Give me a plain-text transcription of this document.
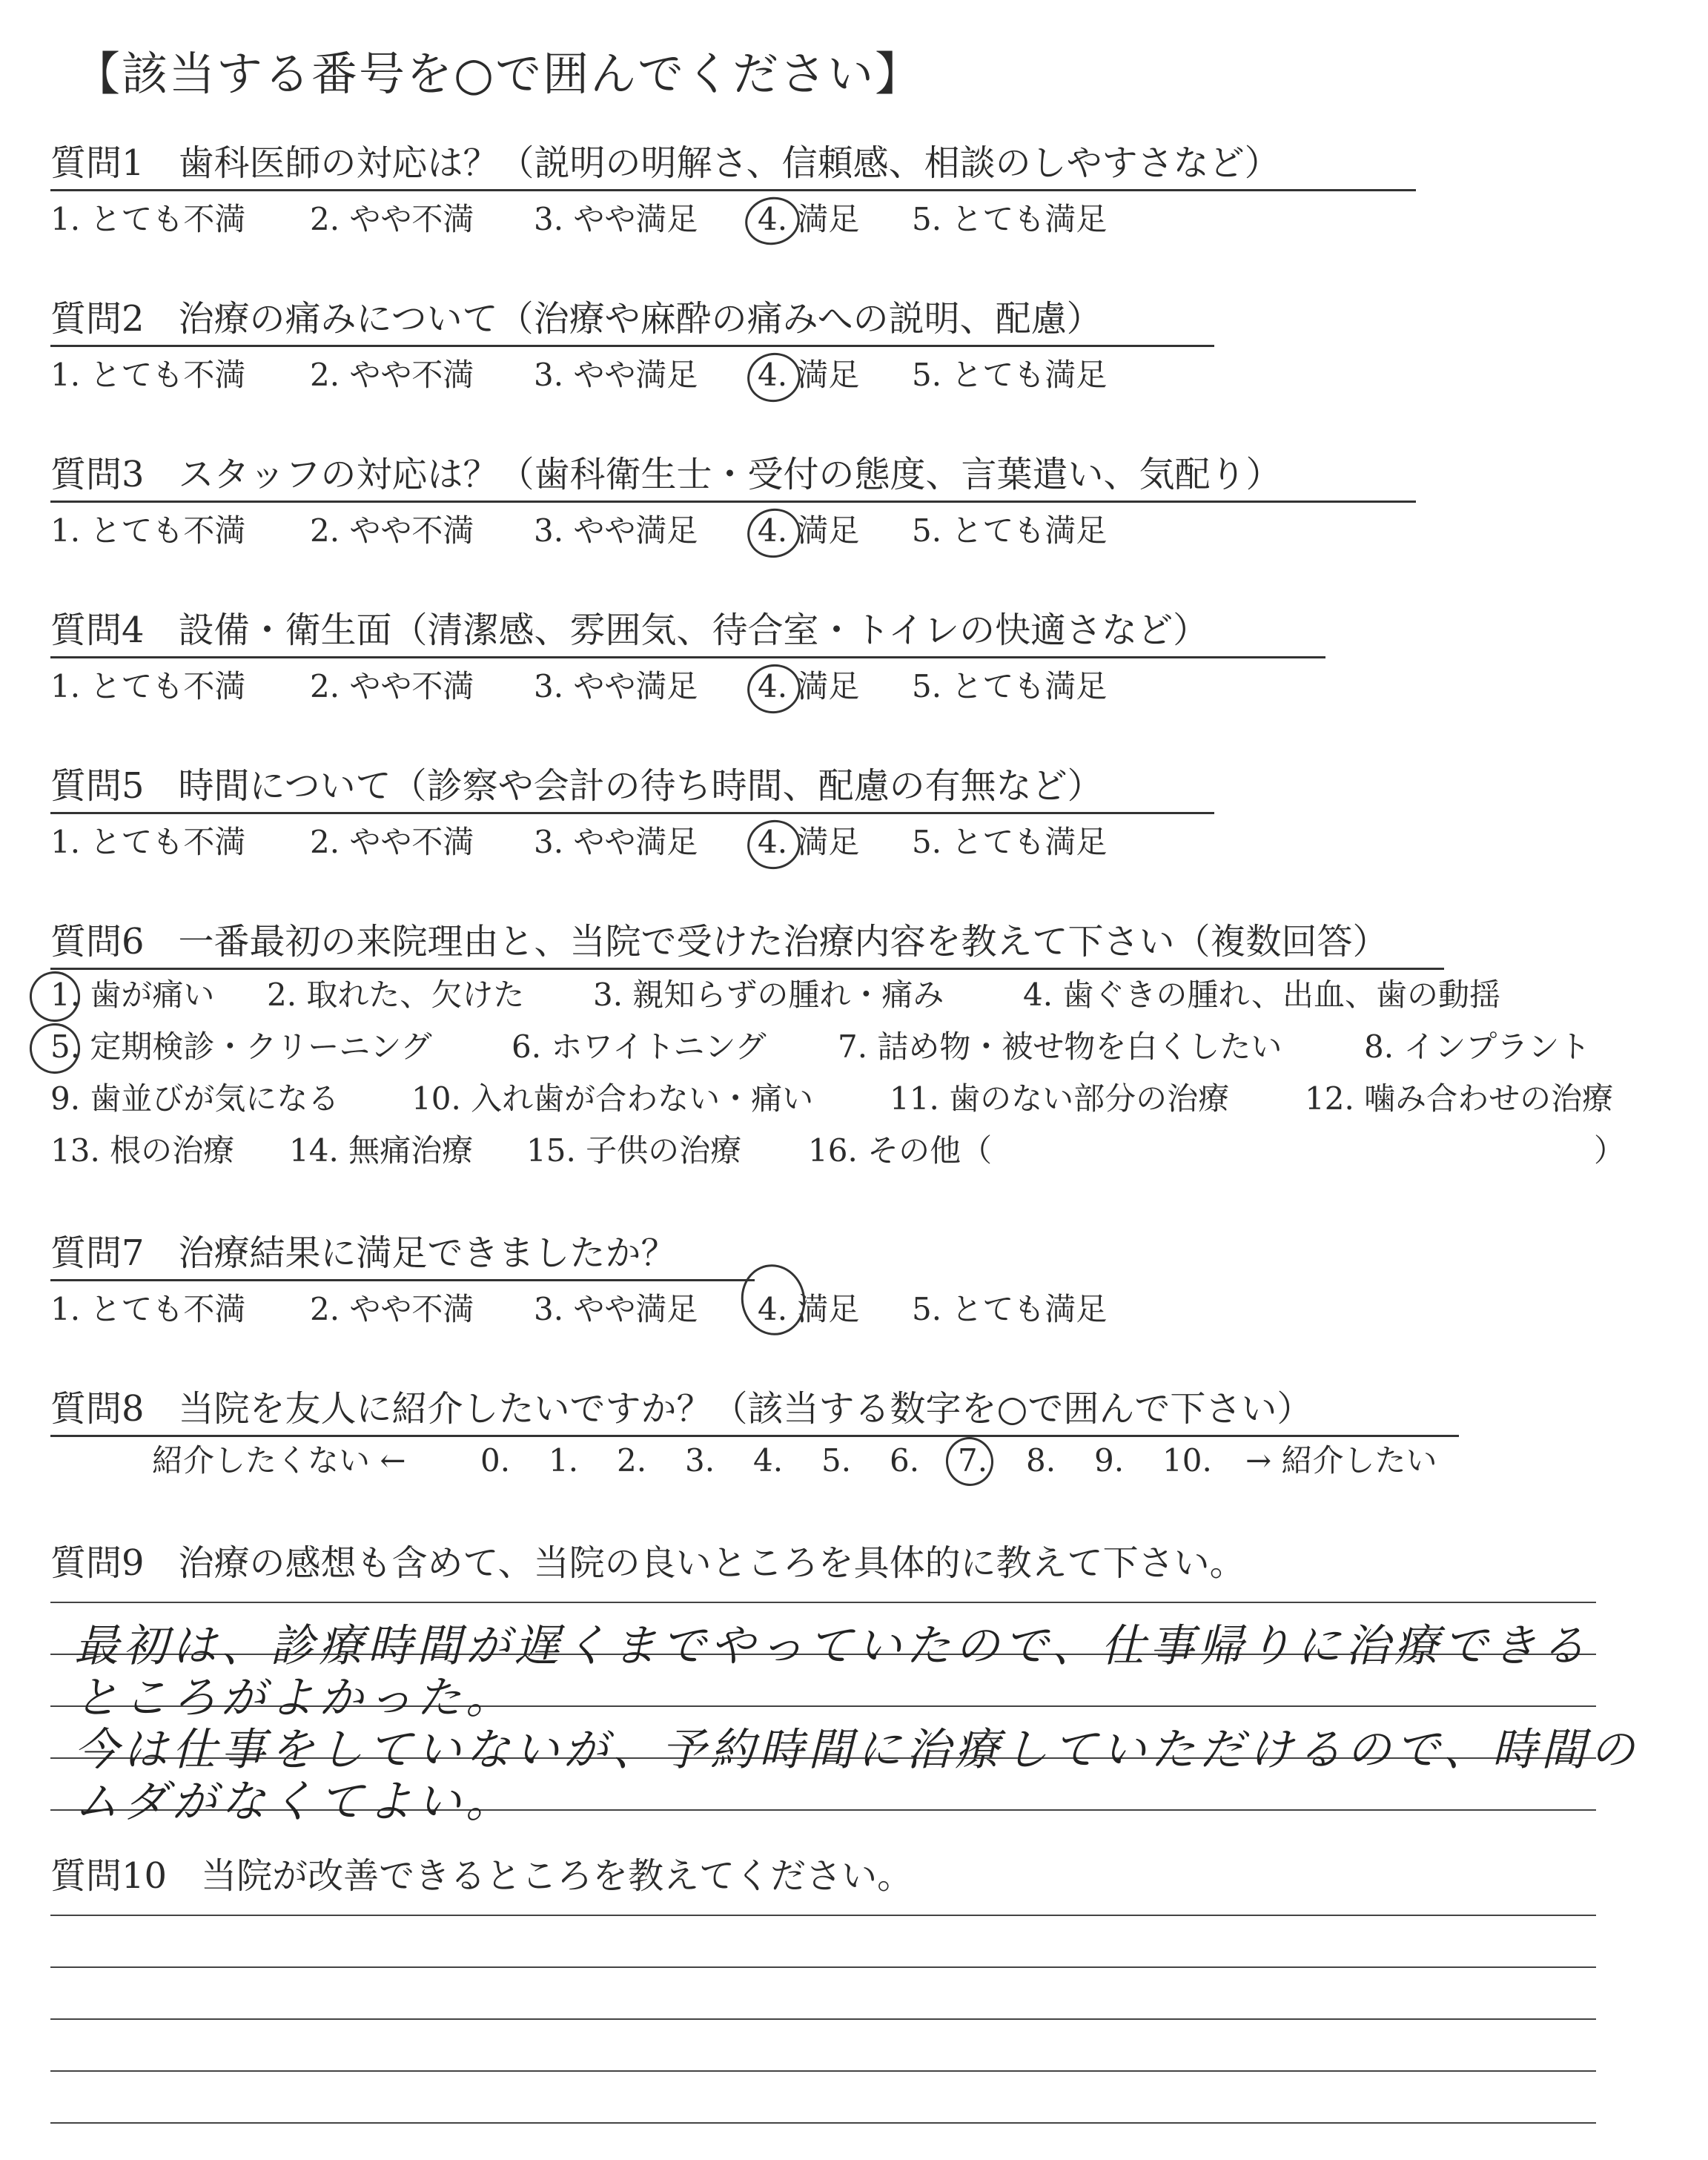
【該当する番号を○で囲んでください】
質問1 歯科医師の対応は？（説明の明解さ、信頼感、相談のしやすさなど）
1. とても不満 2. やや不満 3. やや満足 4. 満足 5. とても満足
質問2 治療の痛みについて（治療や麻酔の痛みへの説明、配慮）
1. とても不満 2. やや不満 3. やや満足 4. 満足 5. とても満足
質問3 スタッフの対応は？（歯科衛生士・受付の態度、言葉遣い、気配り）
1. とても不満 2. やや不満 3. やや満足 4. 満足 5. とても満足
質問4 設備・衛生面（清潔感、雰囲気、待合室・トイレの快適さなど）
1. とても不満 2. やや不満 3. やや満足 4. 満足 5. とても満足
質問5 時間について（診察や会計の待ち時間、配慮の有無など）
1. とても不満 2. やや不満 3. やや満足 4. 満足 5. とても満足
質問6 一番最初の来院理由と、当院で受けた治療内容を教えて下さい（複数回答）
1. 歯が痛い 2. 取れた、欠けた 3. 親知らずの腫れ・痛み	4. 歯ぐきの腫れ、出血、歯の動揺
5. 定期検診・クリーニング	6. ホワイトニング 7. 詰め物・被せ物を白くしたい	8. インプラント
9. 歯並びが気になる 10. 入れ歯が合わない・痛い 11. 歯のない部分の治療 12. 噛み合わせの治療
13. 根の治療 14. 無痛治療 15. 子供の治療 16. その他（	）
質問7 治療結果に満足できましたか？
1. とても不満 2. やや不満 3. やや満足 4. 満足 5. とても満足
質問8 当院を友人に紹介したいですか？（該当する数字を○で囲んで下さい）
紹介したくない ← 0. 1. 2. 3. 4. 5. 6. 7. 8. 9. 10. → 紹介したい
質問9 治療の感想も含めて、当院の良いところを具体的に教えて下さい。
最初は、診療時間が遅くまでやっていたので、仕事帰りに治療できる
ところがよかった。
今は仕事をしていないが、予約時間に治療していただけるので、時間の
ムダがなくてよい。
質問10 当院が改善できるところを教えてください。
